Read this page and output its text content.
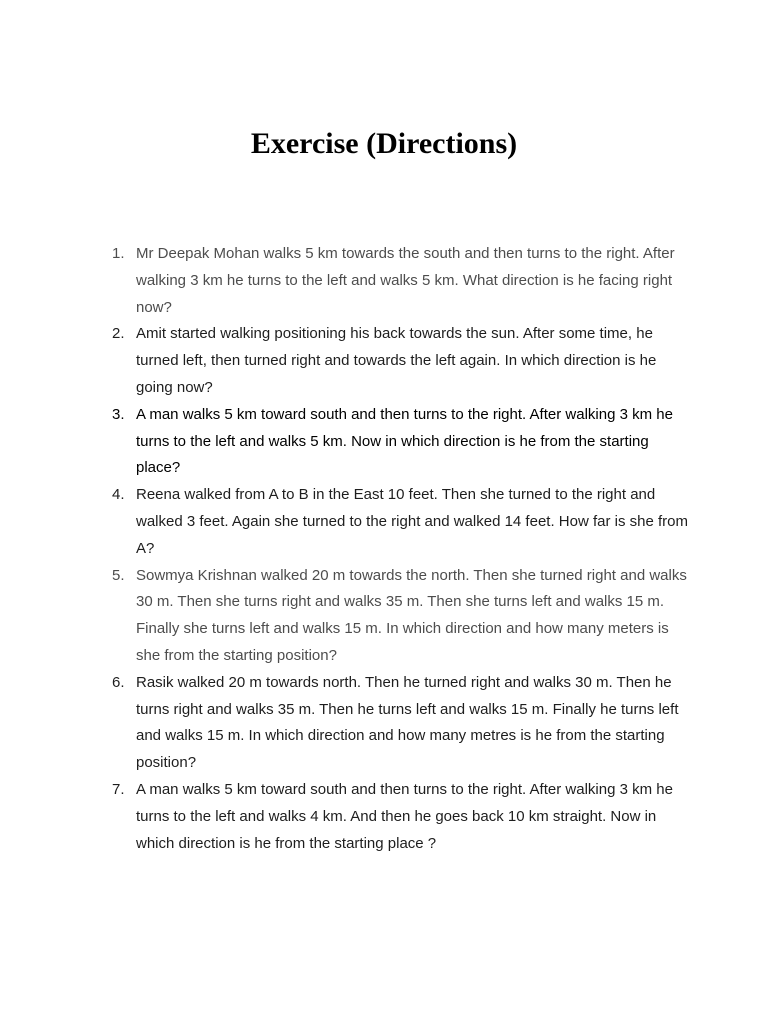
Exercise (Directions)
1. Mr Deepak Mohan walks 5 km towards the south and then turns to the right. After walking 3 km he turns to the left and walks 5 km. What direction is he facing right now?
2. Amit started walking positioning his back towards the sun. After some time, he turned left, then turned right and towards the left again. In which direction is he going now?
3. A man walks 5 km toward south and then turns to the right. After walking 3 km he turns to the left and walks 5 km. Now in which direction is he from the starting place?
4. Reena walked from A to B in the East 10 feet. Then she turned to the right and walked 3 feet. Again she turned to the right and walked 14 feet. How far is she from A?
5. Sowmya Krishnan walked 20 m towards the north. Then she turned right and walks 30 m. Then she turns right and walks 35 m. Then she turns left and walks 15 m. Finally she turns left and walks 15 m. In which direction and how many meters is she from the starting position?
6. Rasik walked 20 m towards north. Then he turned right and walks 30 m. Then he turns right and walks 35 m. Then he turns left and walks 15 m. Finally he turns left and walks 15 m. In which direction and how many metres is he from the starting position?
7. A man walks 5 km toward south and then turns to the right. After walking 3 km he turns to the left and walks 4 km. And then he goes back 10 km straight. Now in which direction is he from the starting place ?
